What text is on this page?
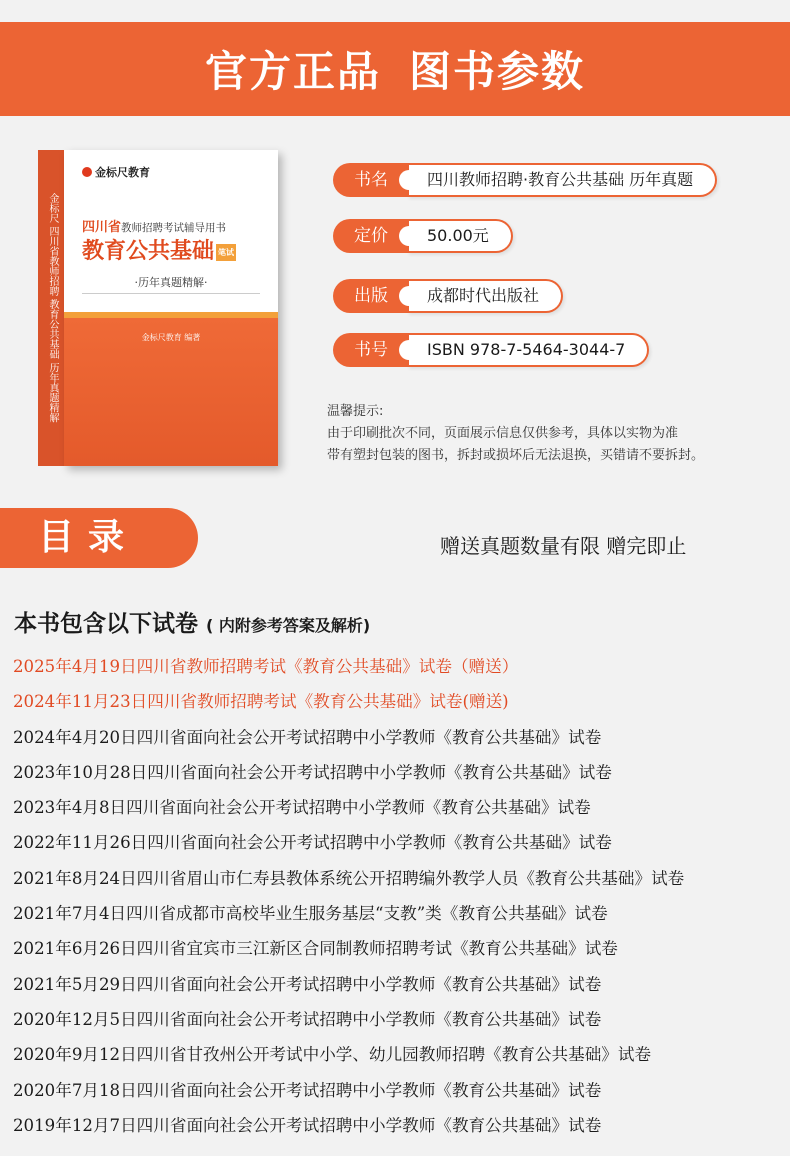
官方正品 图书参数
金标尺 四川省教师招聘 教育公共基础 历年真题精解
金标尺教育
四川省教师招聘考试辅导用书
教育公共基础 笔试
·历年真题精解·
金标尺教育 编著
书名	四川教师招聘·教育公共基础 历年真题
定价	50.00元
出版	成都时代出版社
书号	ISBN 978-7-5464-3044-7
温馨提示:
由于印刷批次不同，页面展示信息仅供参考，具体以实物为准
带有塑封包装的图书，拆封或损坏后无法退换，买错请不要拆封。
目录	赠送真题数量有限 赠完即止
本书包含以下试卷 ( 内附参考答案及解析)
2025年4月19日四川省教师招聘考试《教育公共基础》试卷（赠送）
2024年11月23日四川省教师招聘考试《教育公共基础》试卷(赠送)
2024年4月20日四川省面向社会公开考试招聘中小学教师《教育公共基础》试卷
2023年10月28日四川省面向社会公开考试招聘中小学教师《教育公共基础》试卷
2023年4月8日四川省面向社会公开考试招聘中小学教师《教育公共基础》试卷
2022年11月26日四川省面向社会公开考试招聘中小学教师《教育公共基础》试卷
2021年8月24日四川省眉山市仁寿县教体系统公开招聘编外教学人员《教育公共基础》试卷
2021年7月4日四川省成都市高校毕业生服务基层“支教”类《教育公共基础》试卷
2021年6月26日四川省宜宾市三江新区合同制教师招聘考试《教育公共基础》试卷
2021年5月29日四川省面向社会公开考试招聘中小学教师《教育公共基础》试卷
2020年12月5日四川省面向社会公开考试招聘中小学教师《教育公共基础》试卷
2020年9月12日四川省甘孜州公开考试中小学、幼儿园教师招聘《教育公共基础》试卷
2020年7月18日四川省面向社会公开考试招聘中小学教师《教育公共基础》试卷
2019年12月7日四川省面向社会公开考试招聘中小学教师《教育公共基础》试卷
